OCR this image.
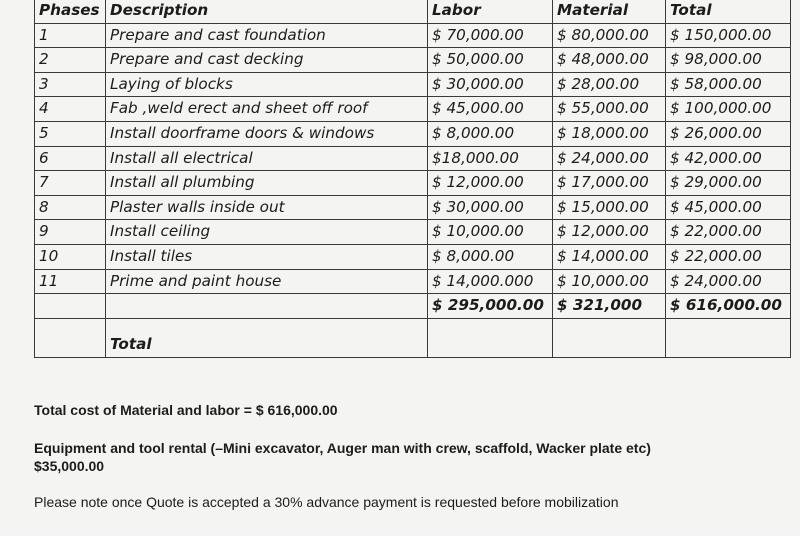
Phases	Description	Labor	Material	Total
1	Prepare and cast foundation	$ 70,000.00	$ 80,000.00	$ 150,000.00
2	Prepare and cast decking	$ 50,000.00	$ 48,000.00	$ 98,000.00
3	Laying of blocks	$ 30,000.00	$ 28,00.00	$ 58,000.00
4	Fab ,weld erect and sheet off roof	$ 45,000.00	$ 55,000.00	$ 100,000.00
5	Install doorframe doors & windows	$ 8,000.00	$ 18,000.00	$ 26,000.00
6	Install all electrical	$18,000.00	$ 24,000.00	$ 42,000.00
7	Install all plumbing	$ 12,000.00	$ 17,000.00	$ 29,000.00
8	Plaster walls inside out	$ 30,000.00	$ 15,000.00	$ 45,000.00
9	Install ceiling	$ 10,000.00	$ 12,000.00	$ 22,000.00
10	Install tiles	$ 8,000.00	$ 14,000.00	$ 22,000.00
11	Prime and paint house	$ 14,000.000	$ 10,000.00	$ 24,000.00
		$ 295,000.00	$ 321,000	$ 616,000.00
	Total			

Total cost of Material and labor = $ 616,000.00

Equipment and tool rental (–Mini excavator, Auger man with crew, scaffold, Wacker plate etc)

$35,000.00

Please note once Quote is accepted a 30% advance payment is requested before mobilization
